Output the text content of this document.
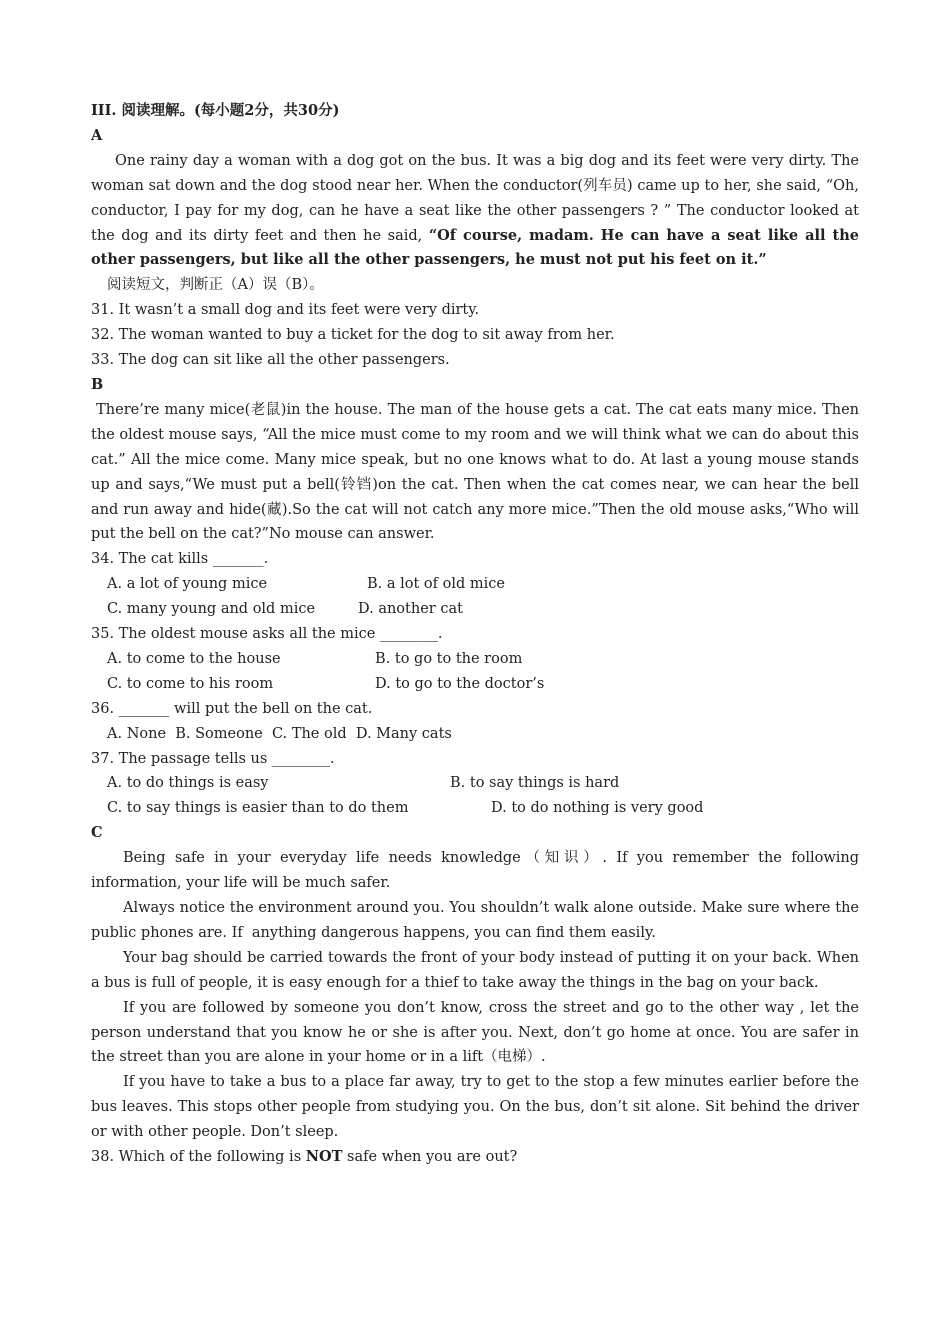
III. 阅读理解。(每小题2分，共30分)

A

One rainy day a woman with a dog got on the bus. It was a big dog and its feet were very dirty. The woman sat down and the dog stood near her. When the conductor(列车员) came up to her, she said, “Oh, conductor, I pay for my dog, can he have a seat like the other passengers ? ” The conductor looked at the dog and its dirty feet and then he said, “Of course, madam. He can have a seat like all the other passengers, but like all the other passengers, he must not put his feet on it.”

阅读短文，判断正（A）误（B）。

31. It wasn’t a small dog and its feet were very dirty.

32. The woman wanted to buy a ticket for the dog to sit away from her.

33. The dog can sit like all the other passengers.

B

There’re many mice(老鼠)in the house. The man of the house gets a cat. The cat eats many mice. Then the oldest mouse says, “All the mice must come to my room and we will think what we can do about this cat.” All the mice come. Many mice speak, but no one knows what to do. At last a young mouse stands up and says,“We must put a bell(铃铛)on the cat. Then when the cat comes near, we can hear the bell and run away and hide(藏).So the cat will not catch any more mice.”Then the old mouse asks,“Who will put the bell on the cat?”No mouse can answer.

34. The cat kills _______.

A. a lot of young mice	B. a lot of old mice
C. many young and old mice	D. another cat

35. The oldest mouse asks all the mice ________.

A. to come to the house	B. to go to the room
C. to come to his room	D. to go to the doctor’s

36. _______ will put the bell on the cat.

A. None  B. Someone  C. The old  D. Many cats

37. The passage tells us ________.

A. to do things is easy	B. to say things is hard
C. to say things is easier than to do them	D. to do nothing is very good

C

Being safe in your everyday life needs knowledge（知识）. If you remember the following information, your life will be much safer.

Always notice the environment around you. You shouldn’t walk alone outside. Make sure where the public phones are. If  anything dangerous happens, you can find them easily.

Your bag should be carried towards the front of your body instead of putting it on your back. When a bus is full of people, it is easy enough for a thief to take away the things in the bag on your back.

If you are followed by someone you don’t know, cross the street and go to the other way , let the person understand that you know he or she is after you. Next, don’t go home at once. You are safer in the street than you are alone in your home or in a lift（电梯）.

If you have to take a bus to a place far away, try to get to the stop a few minutes earlier before the bus leaves. This stops other people from studying you. On the bus, don’t sit alone. Sit behind the driver or with other people. Don’t sleep.

38. Which of the following is NOT safe when you are out?
